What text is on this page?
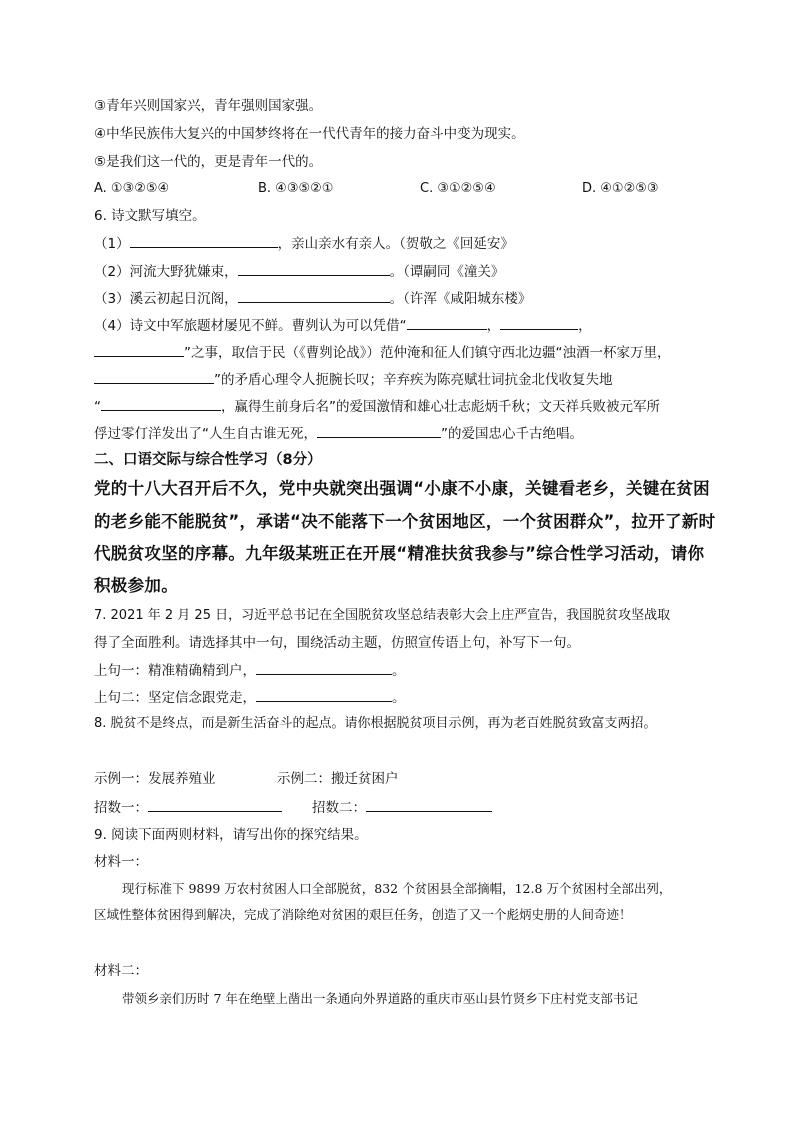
③青年兴则国家兴，青年强则国家强。
④中华民族伟大复兴的中国梦终将在一代代青年的接力奋斗中变为现实。
⑤是我们这一代的，更是青年一代的。
A. ①③②⑤④	B. ④③⑤②①	C. ③①②⑤④	D. ④①②⑤③
6. 诗文默写填空。
（1）	，亲山亲水有亲人。（贺敬之《回延安》
（2）河流大野犹嫌束，	。（谭嗣同《潼关》
（3）溪云初起日沉阁，	。（许浑《咸阳城东楼》
（4）诗文中军旅题材屡见不鲜。曹刿认为可以凭借“	，	，
”之事，取信于民（《曹刿论战》）范仲淹和征人们镇守西北边疆“浊酒一杯家万里，
”的矛盾心理令人扼腕长叹；辛弃疾为陈亮赋壮词抗金北伐收复失地
“	，赢得生前身后名”的爱国激情和雄心壮志彪炳千秋；文天祥兵败被元军所
俘过零仃洋发出了“人生自古谁无死，	”的爱国忠心千古绝唱。
二、口语交际与综合性学习（8分）
党的十八大召开后不久，党中央就突出强调“小康不小康，关键看老乡，关键在贫困
的老乡能不能脱贫”，承诺“决不能落下一个贫困地区，一个贫困群众”，拉开了新时
代脱贫攻坚的序幕。九年级某班正在开展“精准扶贫我参与”综合性学习活动，请你
积极参加。
7. 2021 年 2 月 25 日，习近平总书记在全国脱贫攻坚总结表彰大会上庄严宣告，我国脱贫攻坚战取
得了全面胜利。请选择其中一句，围绕活动主题，仿照宣传语上句，补写下一句。
上句一：精准精确精到户，	。
上句二：坚定信念跟党走，	。
8. 脱贫不是终点，而是新生活奋斗的起点。请你根据脱贫项目示例，再为老百姓脱贫致富支两招。
示例一：发展养殖业	示例二：搬迁贫困户
招数一：	招数二：
9. 阅读下面两则材料，请写出你的探究结果。
材料一：
现行标准下 9899 万农村贫困人口全部脱贫，832 个贫困县全部摘帽，12.8 万个贫困村全部出列，
区域性整体贫困得到解决，完成了消除绝对贫困的艰巨任务，创造了又一个彪炳史册的人间奇迹！
材料二：
带领乡亲们历时 7 年在绝壁上凿出一条通向外界道路的重庆市巫山县竹贤乡下庄村党支部书记
